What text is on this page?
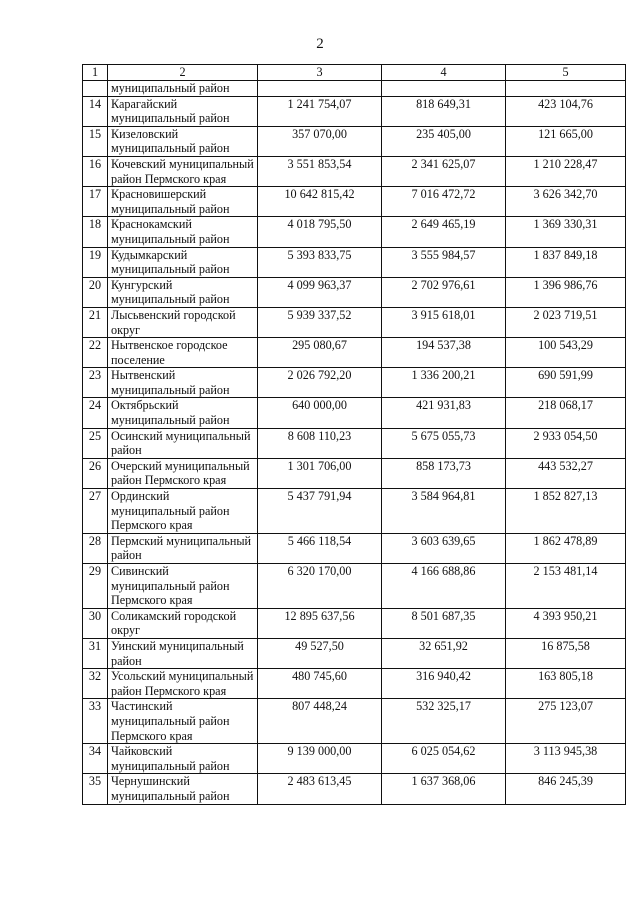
2
1	2	3	4	5

	муниципальный район			

14	Карагайский муниципальный район	1 241 754,07	818 649,31	423 104,76
15	Кизеловский муниципальный район	357 070,00	235 405,00	121 665,00
16	Кочевский муниципальный район Пермского края	3 551 853,54	2 341 625,07	1 210 228,47
17	Красновишерский муниципальный район	10 642 815,42	7 016 472,72	3 626 342,70
18	Краснокамский муниципальный район	4 018 795,50	2 649 465,19	1 369 330,31
19	Кудымкарский муниципальный район	5 393 833,75	3 555 984,57	1 837 849,18
20	Кунгурский муниципальный район	4 099 963,37	2 702 976,61	1 396 986,76
21	Лысьвенский городской округ	5 939 337,52	3 915 618,01	2 023 719,51
22	Нытвенское городское поселение	295 080,67	194 537,38	100 543,29
23	Нытвенский муниципальный район	2 026 792,20	1 336 200,21	690 591,99
24	Октябрьский муниципальный район	640 000,00	421 931,83	218 068,17
25	Осинский муниципальный район	8 608 110,23	5 675 055,73	2 933 054,50
26	Очерский муниципальный район Пермского края	1 301 706,00	858 173,73	443 532,27
27	Ординский муниципальный район Пермского края	5 437 791,94	3 584 964,81	1 852 827,13
28	Пермский муниципальный район	5 466 118,54	3 603 639,65	1 862 478,89
29	Сивинский муниципальный район Пермского края	6 320 170,00	4 166 688,86	2 153 481,14
30	Соликамский городской округ	12 895 637,56	8 501 687,35	4 393 950,21
31	Уинский муниципальный район	49 527,50	32 651,92	16 875,58
32	Усольский муниципальный район Пермского края	480 745,60	316 940,42	163 805,18
33	Частинский муниципальный район Пермского края	807 448,24	532 325,17	275 123,07
34	Чайковский муниципальный район	9 139 000,00	6 025 054,62	3 113 945,38
35	Чернушинский муниципальный район	2 483 613,45	1 637 368,06	846 245,39
